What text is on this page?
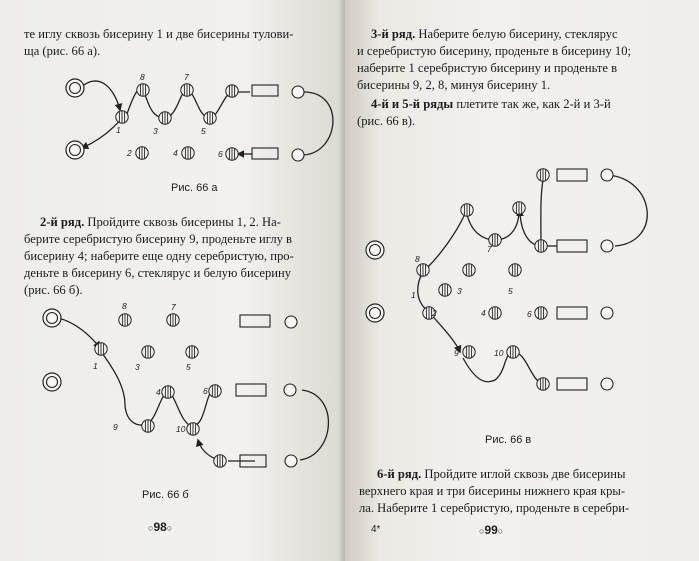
те иглу сквозь бисерину 1 и две бисерины тулови-
ща (рис. 66 а).

8	7
1	3	5
2	4	6
Рис. 66 а

2-й ряд. Пройдите сквозь бисерины 1, 2. На-

берите серебристую бисерину 9, проденьте иглу в
бисерину 4; наберите еще одну серебристую, про-
деньте в бисерину 6, стеклярус и белую бисерину
(рис. 66 б).

8	7
1	3	5
9
4	6
10
Рис. 66 б
○98○

3-й ряд. Наберите белую бисерину, стеклярус

и серебристую бисерину, проденьте в бисерину 10;
наберите 1 серебристую бисерину и проденьте в
бисерины 9, 2, 8, минуя бисерину 1.

4-й и 5-й ряды плетите так же, как 2-й и 3-й

(рис. 66 в).

7
8
1	3	5
2	4	6
9	10
Рис. 66 в

6-й ряд. Пройдите иглой сквозь две бисерины

верхнего края и три бисерины нижнего края кры-
ла. Наберите 1 серебристую, проденьте в серебри-

4*	○99○
